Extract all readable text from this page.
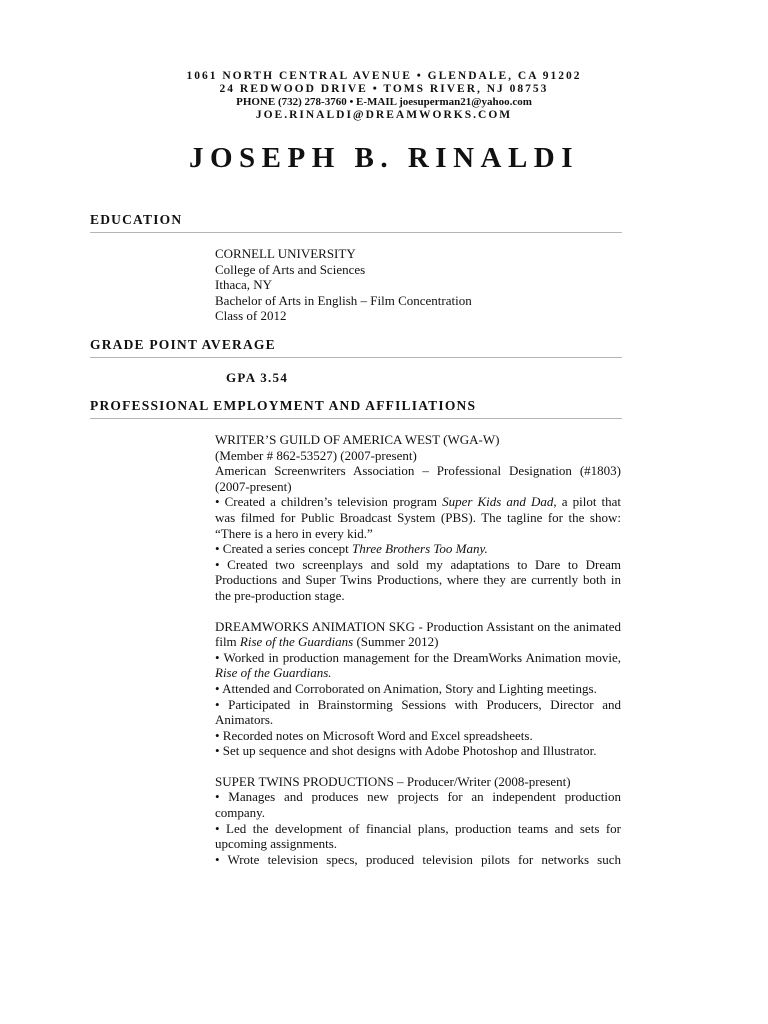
1061 NORTH CENTRAL AVENUE • GLENDALE, CA 91202
24 REDWOOD DRIVE • TOMS RIVER, NJ 08753
PHONE (732) 278-3760 • E-MAIL joesuperman21@yahoo.com
JOE.RINALDI@DREAMWORKS.COM
JOSEPH B. RINALDI
EDUCATION
CORNELL UNIVERSITY
College of Arts and Sciences
Ithaca, NY
Bachelor of Arts in English – Film Concentration
Class of 2012
GRADE POINT AVERAGE
GPA 3.54
PROFESSIONAL EMPLOYMENT AND AFFILIATIONS

WRITER’S GUILD OF AMERICA WEST (WGA-W)

(Member # 862-53527) (2007-present)

American Screenwriters Association – Professional Designation (#1803) (2007-present)

• Created a children’s television program Super Kids and Dad, a pilot that was filmed for Public Broadcast System (PBS). The tagline for the show: “There is a hero in every kid.”

• Created a series concept Three Brothers Too Many.

• Created two screenplays and sold my adaptations to Dare to Dream Productions and Super Twins Productions, where they are currently both in the pre-production stage.

DREAMWORKS ANIMATION SKG - Production Assistant on the animated film Rise of the Guardians (Summer 2012)

• Worked in production management for the DreamWorks Animation movie, Rise of the Guardians.

• Attended and Corroborated on Animation, Story and Lighting meetings.

• Participated in Brainstorming Sessions with Producers, Director and Animators.

• Recorded notes on Microsoft Word and Excel spreadsheets.

• Set up sequence and shot designs with Adobe Photoshop and Illustrator.

SUPER TWINS PRODUCTIONS – Producer/Writer (2008-present)

• Manages and produces new projects for an independent production company.

• Led the development of financial plans, production teams and sets for upcoming assignments.

• Wrote television specs, produced television pilots for networks such
